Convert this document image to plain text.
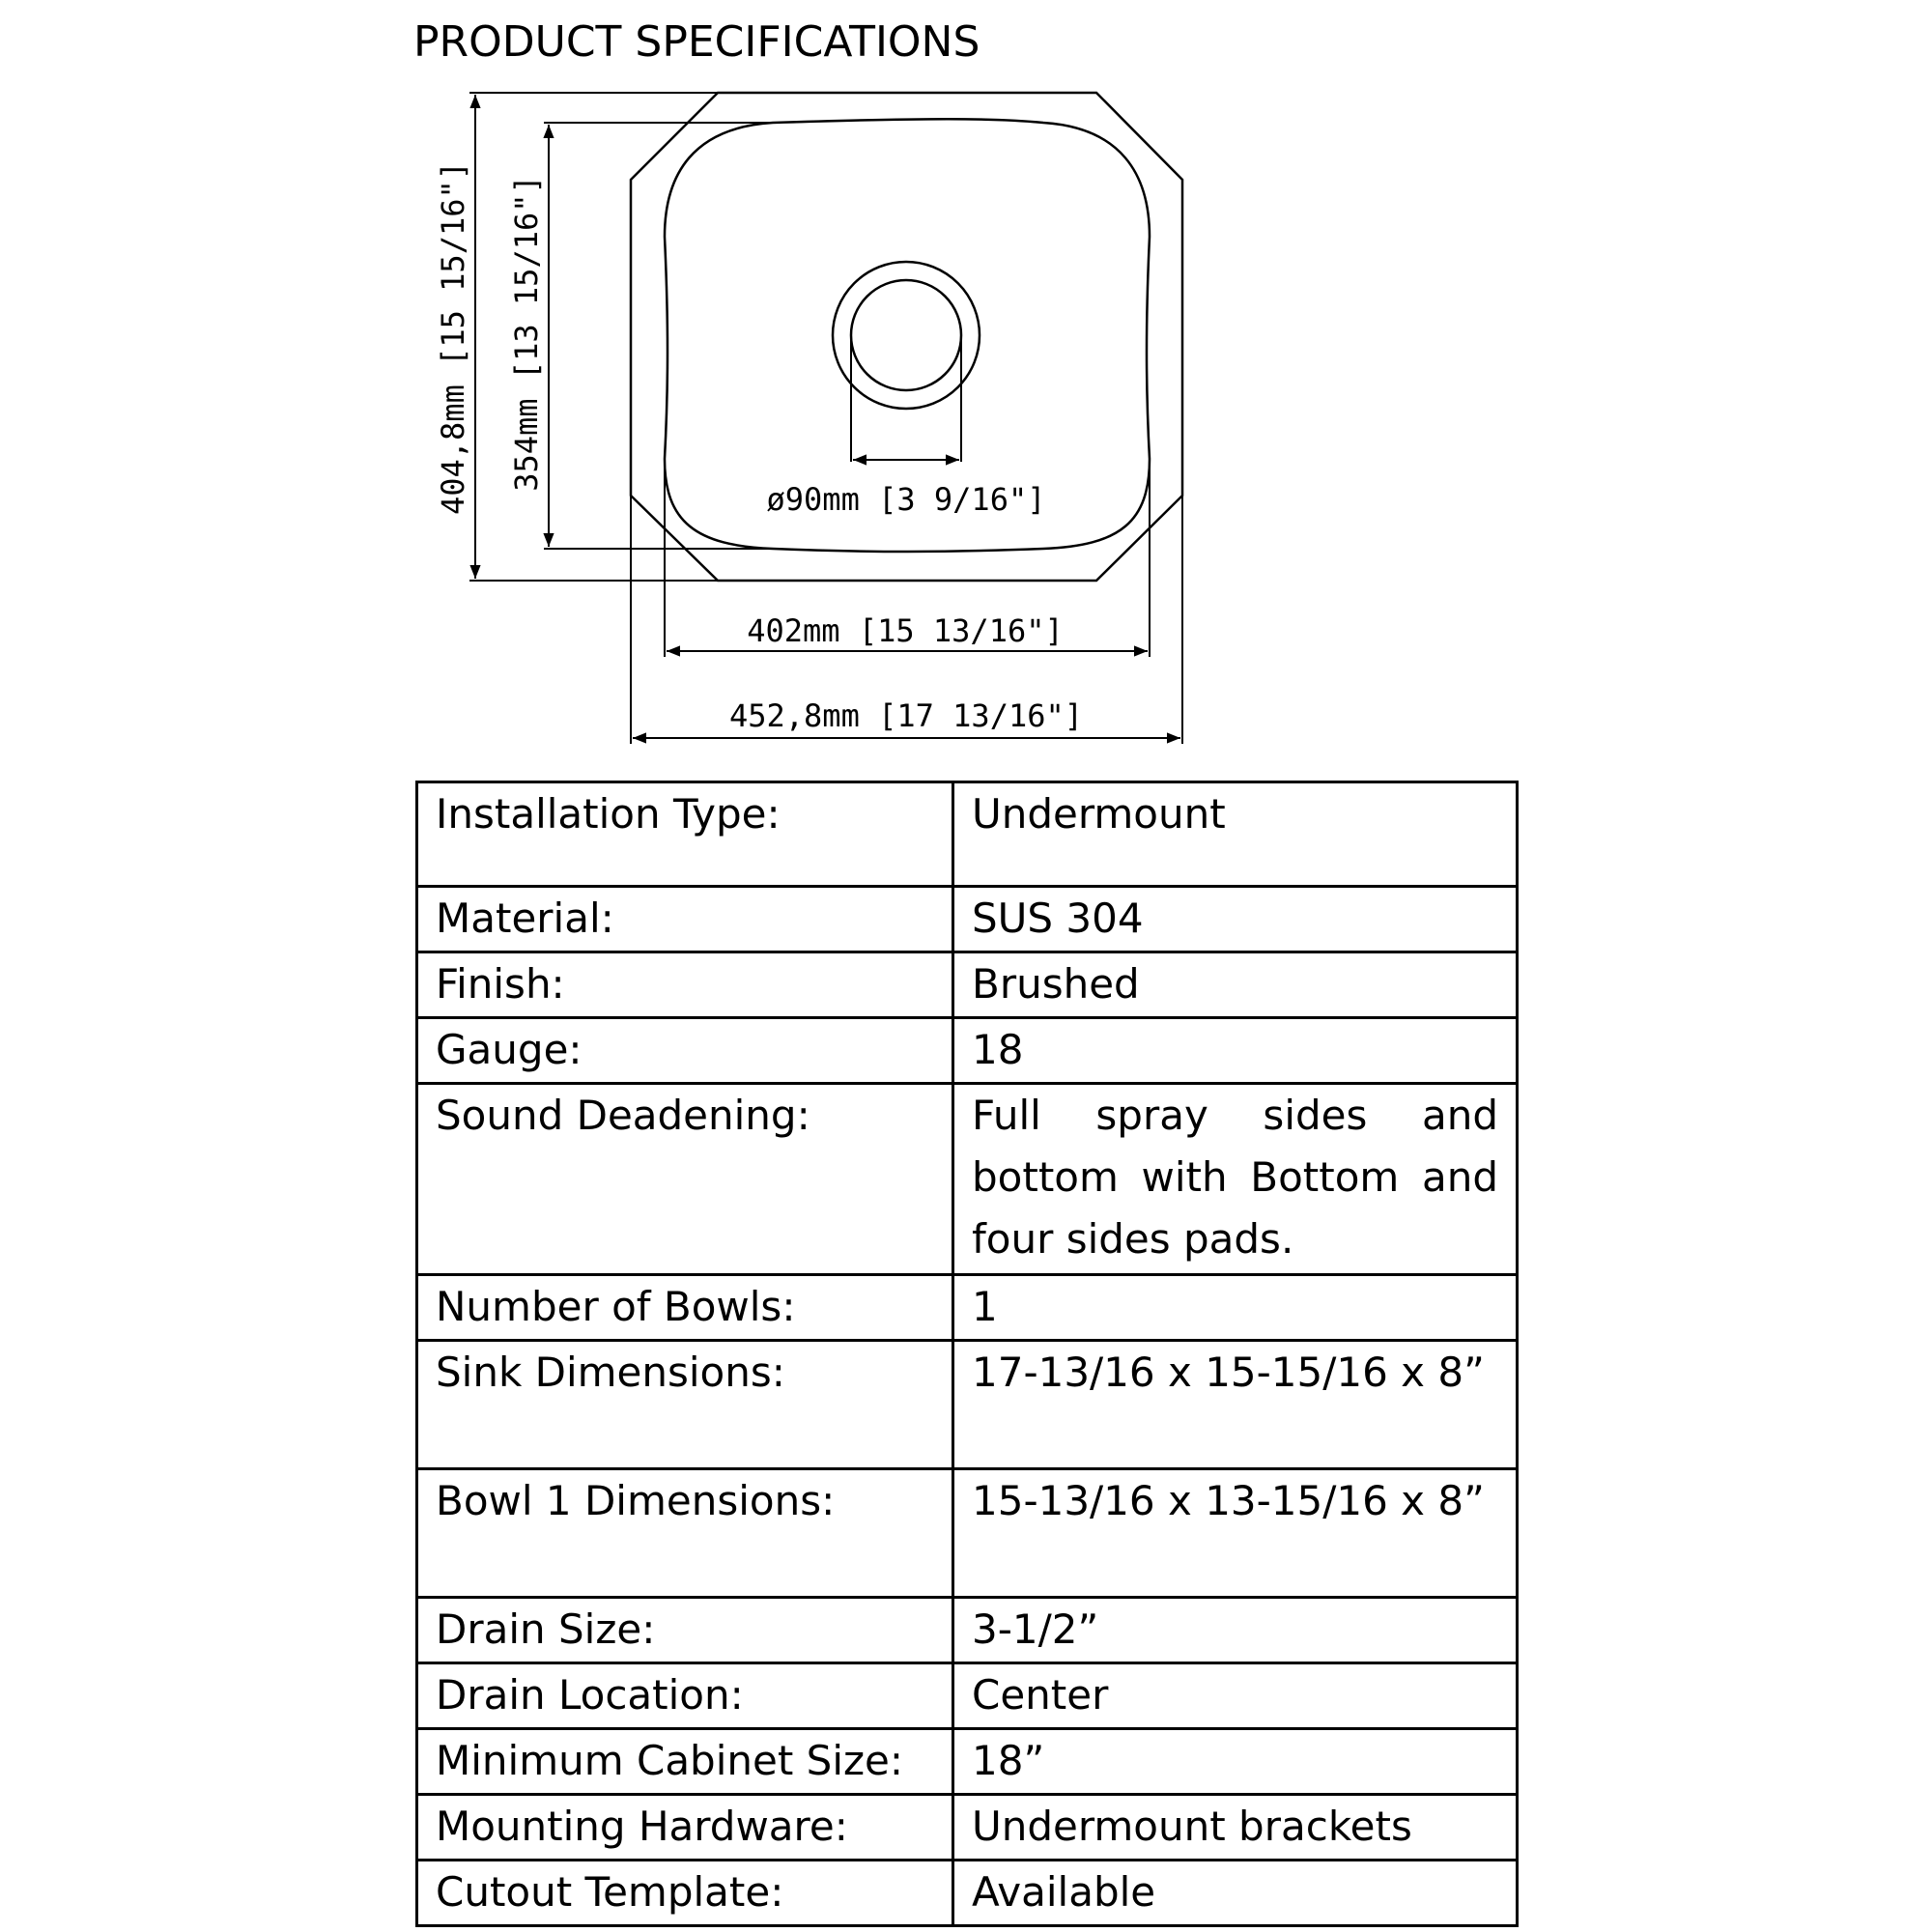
PRODUCT SPECIFICATIONS
ø90mm [3 9/16"]
404,8mm [15 15/16"] 354mm [13 15/16"]
402mm [15 13/16"]
452,8mm [17 13/16"]
Installation Type:	Undermount
Material:	SUS 304
Finish:	Brushed
Gauge:	18
Sound Deadening:	Full spray sides and bottom with Bottom and four sides pads.
Number of Bowls:	1
Sink Dimensions:	17-13/16 x 15-15/16 x 8”
Bowl 1 Dimensions:	15-13/16 x 13-15/16 x 8”
Drain Size:	3-1/2”
Drain Location:	Center
Minimum Cabinet Size:	18”
Mounting Hardware:	Undermount brackets
Cutout Template:	Available
